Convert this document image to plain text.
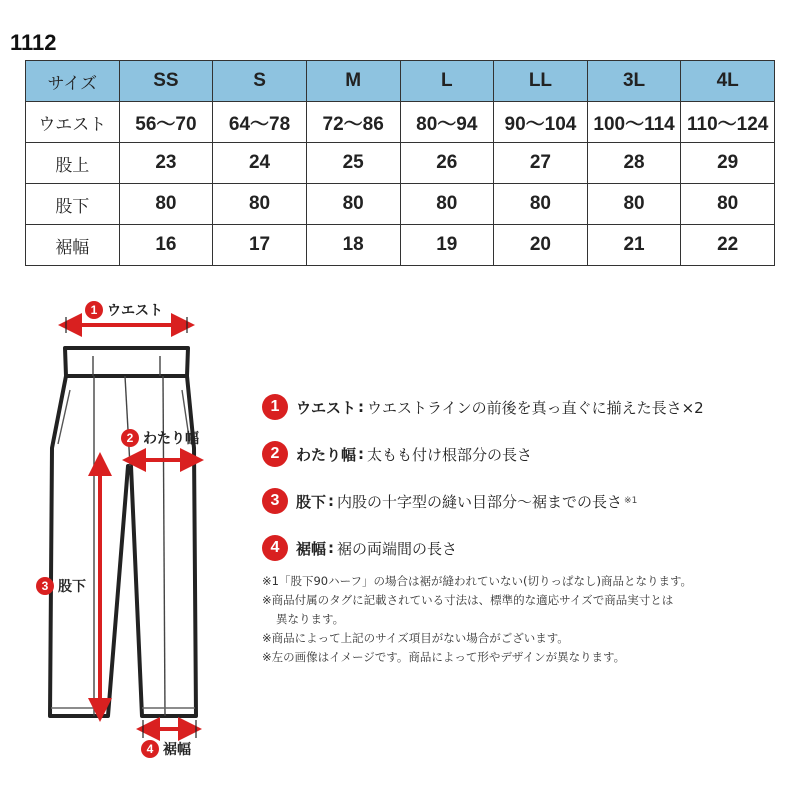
1112
サイズ	SS	S	M	L	LL	3L	4L
ウエスト	56〜70	64〜78	72〜86	80〜94	90〜104	100〜114	110〜124
股上	23	24	25	26	27	28	29
股下	80	80	80	80	80	80	80
裾幅	16	17	18	19	20	21	22
1 ウエスト
2 わたり幅
3 股下
4 裾幅
1	ウエスト : ウエストラインの前後を真っ直ぐに揃えた長さ×2
2	わたり幅 : 太もも付け根部分の長さ
3	股下 : 内股の十字型の縫い目部分〜裾までの長さ ※1
4	裾幅 : 裾の両端間の長さ
※1「股下90ハーフ」の場合は裾が縫われていない(切りっぱなし)商品となります。
※商品付属のタグに記載されている寸法は、標準的な適応サイズで商品実寸とは
異なります。
※商品によって上記のサイズ項目がない場合がございます。
※左の画像はイメージです。商品によって形やデザインが異なります。
